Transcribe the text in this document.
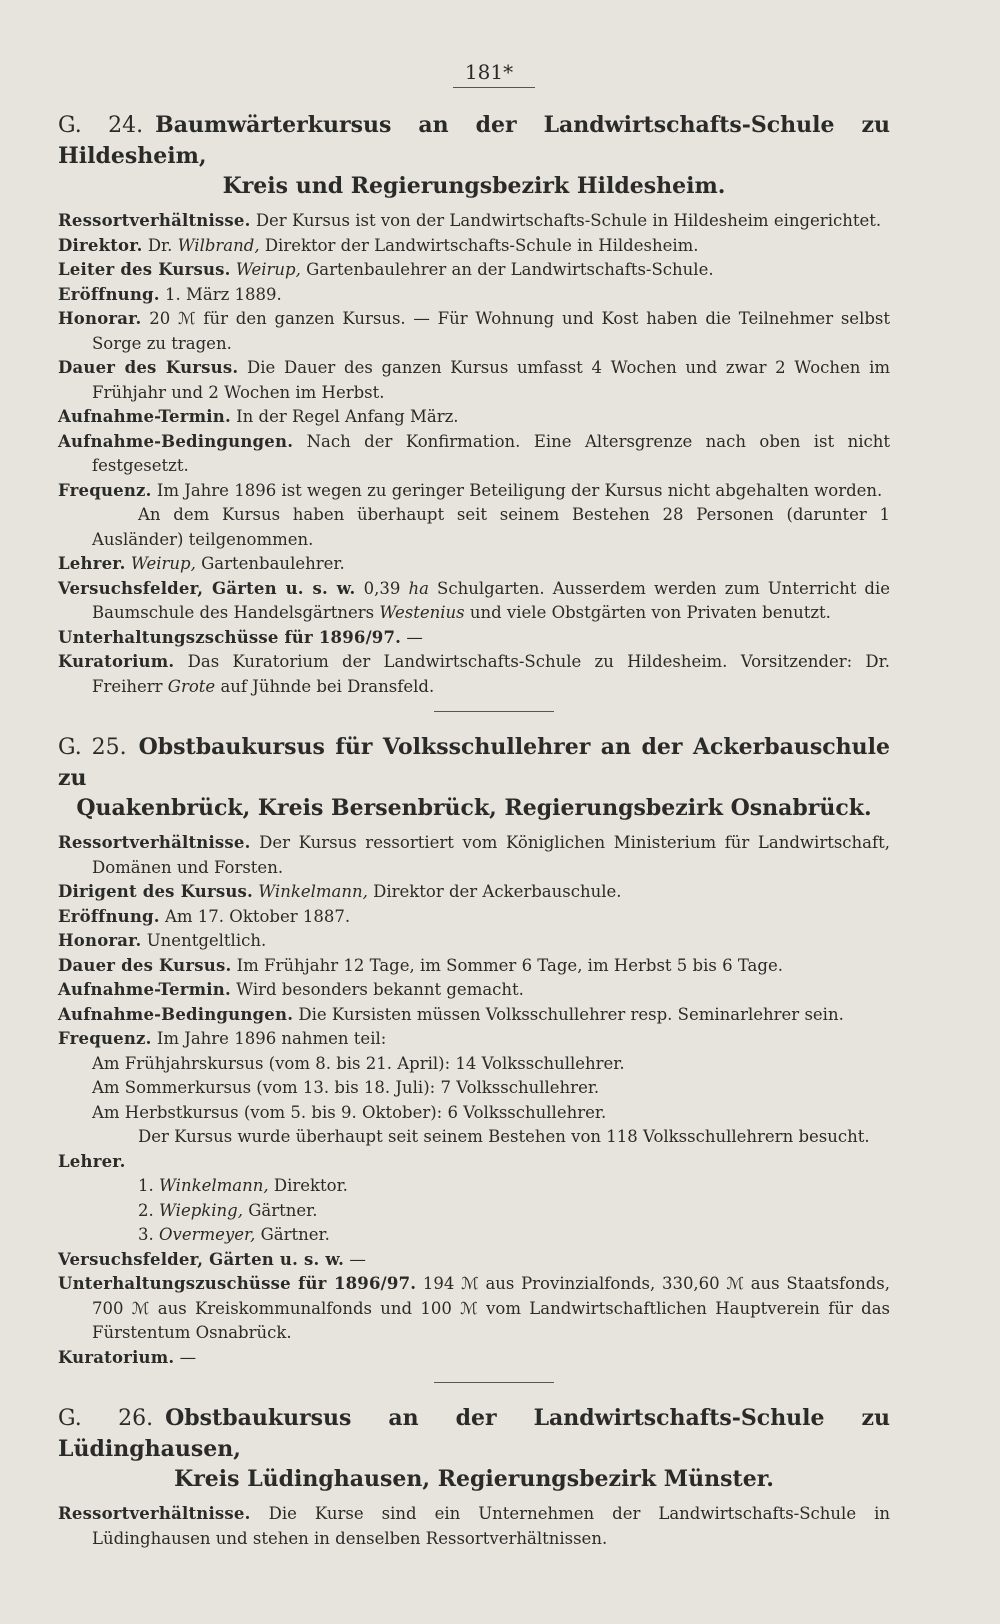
181*
G. 24. Baumwärterkursus an der Landwirtschafts-Schule zu Hildesheim,
Kreis und Regierungsbezirk Hildesheim.
Ressortverhältnisse. Der Kursus ist von der Landwirtschafts-Schule in Hildesheim eingerichtet.
Direktor. Dr. Wilbrand, Direktor der Landwirtschafts-Schule in Hildesheim.
Leiter des Kursus. Weirup, Gartenbaulehrer an der Landwirtschafts-Schule.
Eröffnung. 1. März 1889.
Honorar. 20 ℳ für den ganzen Kursus. — Für Wohnung und Kost haben die Teilnehmer selbst Sorge zu tragen.
Dauer des Kursus. Die Dauer des ganzen Kursus umfasst 4 Wochen und zwar 2 Wochen im Frühjahr und 2 Wochen im Herbst.
Aufnahme-Termin. In der Regel Anfang März.
Aufnahme-Bedingungen. Nach der Konfirmation. Eine Altersgrenze nach oben ist nicht festgesetzt.
Frequenz. Im Jahre 1896 ist wegen zu geringer Beteiligung der Kursus nicht abgehalten worden.
An dem Kursus haben überhaupt seit seinem Bestehen 28 Personen (darunter 1 Ausländer) teilgenommen.
Lehrer. Weirup, Gartenbaulehrer.
Versuchsfelder, Gärten u. s. w. 0,39 ha Schulgarten. Ausserdem werden zum Unterricht die Baumschule des Handelsgärtners Westenius und viele Obstgärten von Privaten benutzt.
Unterhaltungszschüsse für 1896/97. —
Kuratorium. Das Kuratorium der Landwirtschafts-Schule zu Hildesheim. Vorsitzender: Dr. Freiherr Grote auf Jühnde bei Dransfeld.
G. 25. Obstbaukursus für Volksschullehrer an der Ackerbauschule zu
Quakenbrück, Kreis Bersenbrück, Regierungsbezirk Osnabrück.
Ressortverhältnisse. Der Kursus ressortiert vom Königlichen Ministerium für Landwirtschaft, Domänen und Forsten.
Dirigent des Kursus. Winkelmann, Direktor der Ackerbauschule.
Eröffnung. Am 17. Oktober 1887.
Honorar. Unentgeltlich.
Dauer des Kursus. Im Frühjahr 12 Tage, im Sommer 6 Tage, im Herbst 5 bis 6 Tage.
Aufnahme-Termin. Wird besonders bekannt gemacht.
Aufnahme-Bedingungen. Die Kursisten müssen Volksschullehrer resp. Seminarlehrer sein.
Frequenz. Im Jahre 1896 nahmen teil:
Am Frühjahrskursus (vom 8. bis 21. April): 14 Volksschullehrer.
Am Sommerkursus (vom 13. bis 18. Juli): 7 Volksschullehrer.
Am Herbstkursus (vom 5. bis 9. Oktober): 6 Volksschullehrer.
Der Kursus wurde überhaupt seit seinem Bestehen von 118 Volksschullehrern besucht.
Lehrer.
1. Winkelmann, Direktor.
2. Wiepking, Gärtner.
3. Overmeyer, Gärtner.
Versuchsfelder, Gärten u. s. w. —
Unterhaltungszuschüsse für 1896/97. 194 ℳ aus Provinzialfonds, 330,60 ℳ aus Staatsfonds, 700 ℳ aus Kreiskommunalfonds und 100 ℳ vom Landwirtschaftlichen Hauptverein für das Fürstentum Osnabrück.
Kuratorium. —
G. 26. Obstbaukursus an der Landwirtschafts-Schule zu Lüdinghausen,
Kreis Lüdinghausen, Regierungsbezirk Münster.
Ressortverhältnisse. Die Kurse sind ein Unternehmen der Landwirtschafts-Schule in Lüdinghausen und stehen in denselben Ressortverhältnissen.
